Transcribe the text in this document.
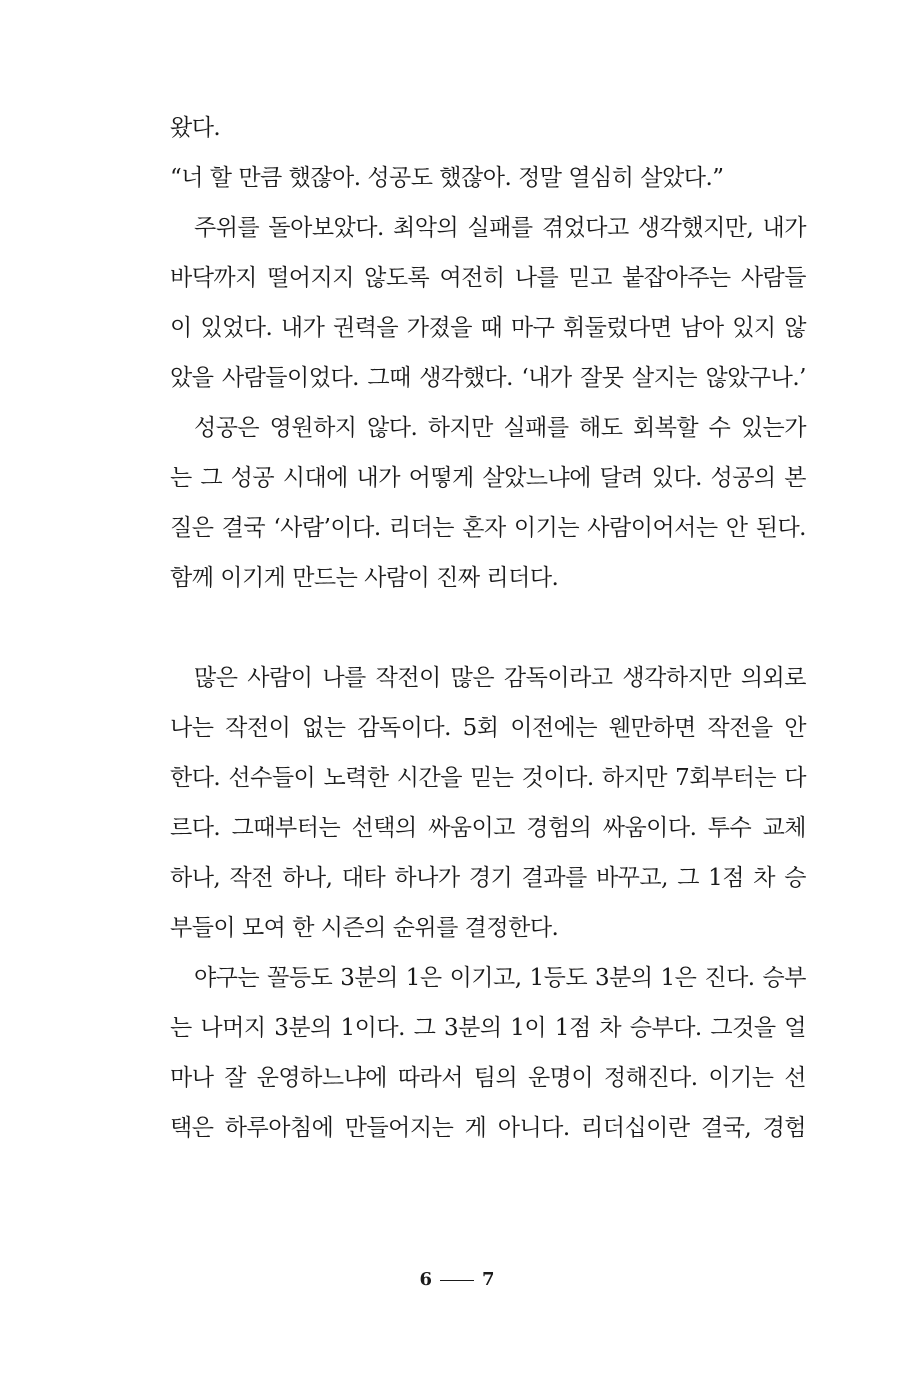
왔다.
“너 할 만큼 했잖아. 성공도 했잖아. 정말 열심히 살았다.”
주위를 돌아보았다. 최악의 실패를 겪었다고 생각했지만, 내가
바닥까지 떨어지지 않도록 여전히 나를 믿고 붙잡아주는 사람들
이 있었다. 내가 권력을 가졌을 때 마구 휘둘렀다면 남아 있지 않
았을 사람들이었다. 그때 생각했다. ‘내가 잘못 살지는 않았구나.’
성공은 영원하지 않다. 하지만 실패를 해도 회복할 수 있는가
는 그 성공 시대에 내가 어떻게 살았느냐에 달려 있다. 성공의 본
질은 결국 ‘사람’이다. 리더는 혼자 이기는 사람이어서는 안 된다.
함께 이기게 만드는 사람이 진짜 리더다.
많은 사람이 나를 작전이 많은 감독이라고 생각하지만 의외로
나는 작전이 없는 감독이다. 5회 이전에는 웬만하면 작전을 안
한다. 선수들이 노력한 시간을 믿는 것이다. 하지만 7회부터는 다
르다. 그때부터는 선택의 싸움이고 경험의 싸움이다. 투수 교체
하나, 작전 하나, 대타 하나가 경기 결과를 바꾸고, 그 1점 차 승
부들이 모여 한 시즌의 순위를 결정한다.
야구는 꼴등도 3분의 1은 이기고, 1등도 3분의 1은 진다. 승부
는 나머지 3분의 1이다. 그 3분의 1이 1점 차 승부다. 그것을 얼
마나 잘 운영하느냐에 따라서 팀의 운명이 정해진다. 이기는 선
택은 하루아침에 만들어지는 게 아니다. 리더십이란 결국, 경험
6	7
